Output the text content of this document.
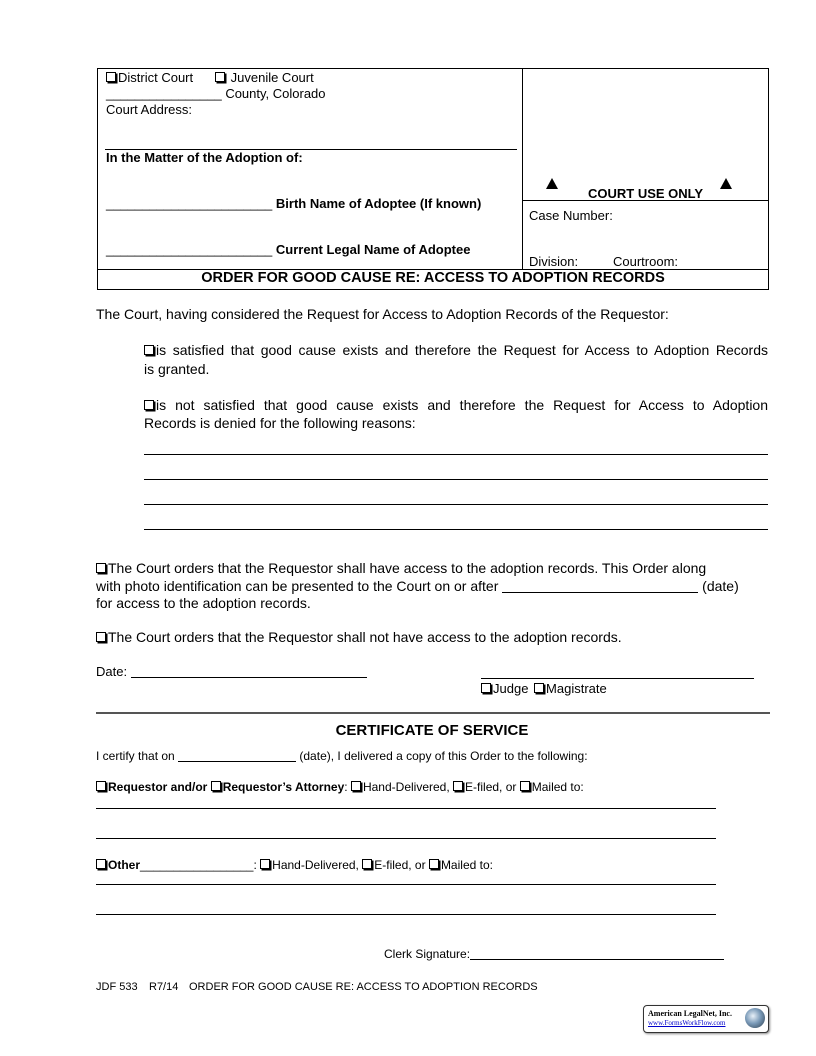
District Court	Juvenile Court
________________ County, Colorado
Court Address:
In the Matter of the Adoption of:
_______________________ Birth Name of Adoptee (If known)
_______________________ Current Legal Name of Adoptee
COURT USE ONLY
Case Number:
Division:	Courtroom:
ORDER FOR GOOD CAUSE RE: ACCESS TO ADOPTION RECORDS
The Court, having considered the Request for Access to Adoption Records of the Requestor:
is satisfied that good cause exists and therefore the Request for Access to Adoption Records
is granted.
is not satisfied that good cause exists and therefore the Request for Access to Adoption
Records is denied for the following reasons:
The Court orders that the Requestor shall have access to the adoption records. This Order along
with photo identification can be presented to the Court on or after	(date)
for access to the adoption records.
The Court orders that the Requestor shall not have access to the adoption records.
Date:
Judge Magistrate
CERTIFICATE OF SERVICE
I certify that on	(date), I delivered a copy of this Order to the following:
Requestor and/or Requestor’s Attorney: Hand-Delivered, E-filed, or Mailed to:
Other_________________: Hand-Delivered, E-filed, or Mailed to:
Clerk Signature:
JDF 533 R7/14 ORDER FOR GOOD CAUSE RE: ACCESS TO ADOPTION RECORDS
American LegalNet, Inc.
www.FormsWorkFlow.com
